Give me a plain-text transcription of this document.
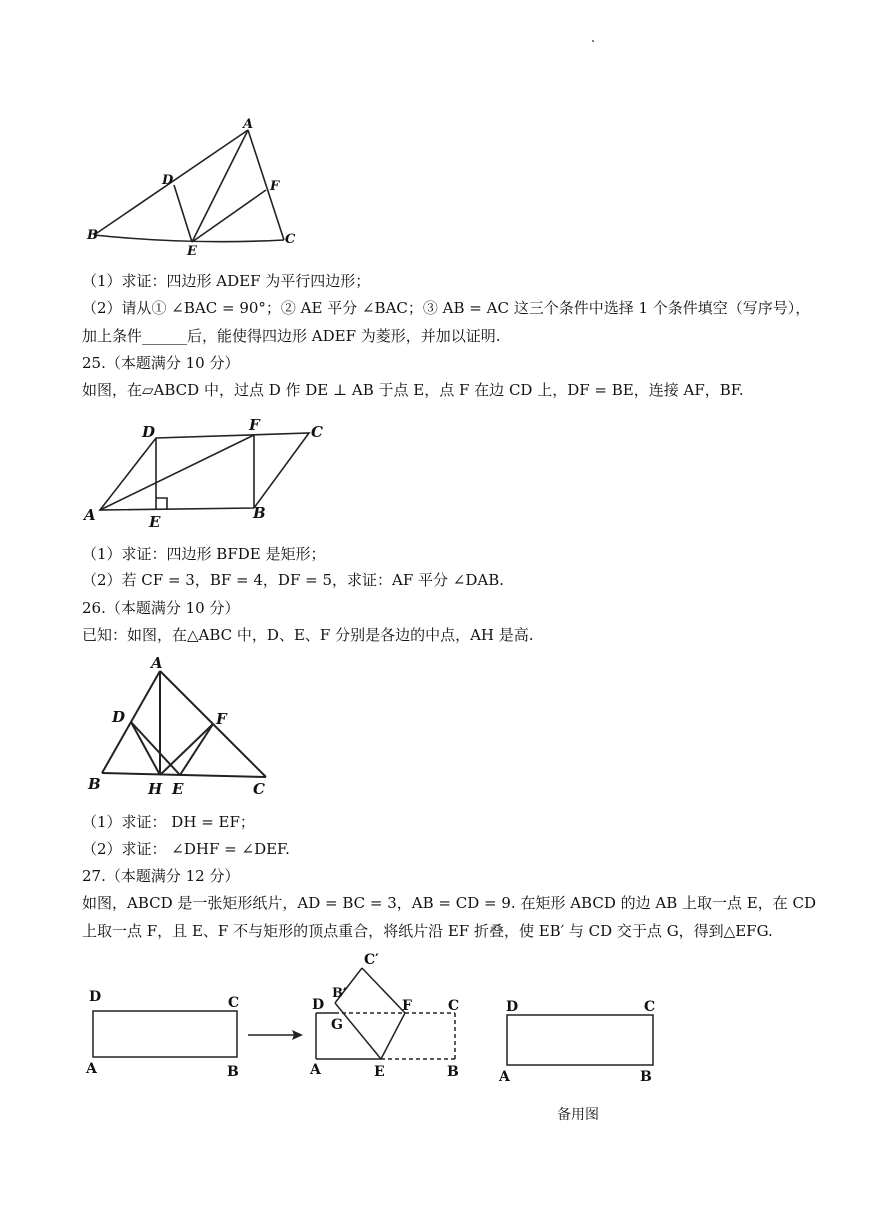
A
B	C
D
E
F
（1）求证：四边形 ADEF 为平行四边形；
（2）请从① ∠BAC = 90°；② AE 平分 ∠BAC；③ AB = AC 这三个条件中选择 1 个条件填空（写序号），
加上条件______后，能使得四边形 ADEF 为菱形，并加以证明.
25.（本题满分 10 分）
如图，在▱ABCD 中，过点 D 作 DE ⊥ AB 于点 E，点 F 在边 CD 上，DF = BE，连接 AF，BF.
D	F	C
A	E	B
（1）求证：四边形 BFDE 是矩形；
（2）若 CF = 3，BF = 4，DF = 5，求证：AF 平分 ∠DAB.
26.（本题满分 10 分）
已知：如图，在△ABC 中，D、E、F 分别是各边的中点，AH 是高.
A
D	F
B	H E	C
（1）求证： DH = EF；
（2）求证： ∠DHF = ∠DEF.
27.（本题满分 12 分）
如图，ABCD 是一张矩形纸片，AD = BC = 3，AB = CD = 9. 在矩形 ABCD 的边 AB 上取一点 E，在 CD
上取一点 F，且 E、F 不与矩形的顶点重合，将纸片沿 EF 折叠，使 EB′ 与 CD 交于点 G，得到△EFG.
D	C
A	B
C′
B′
D
G
F	C
A	E	B
D	C
A	B
备用图
